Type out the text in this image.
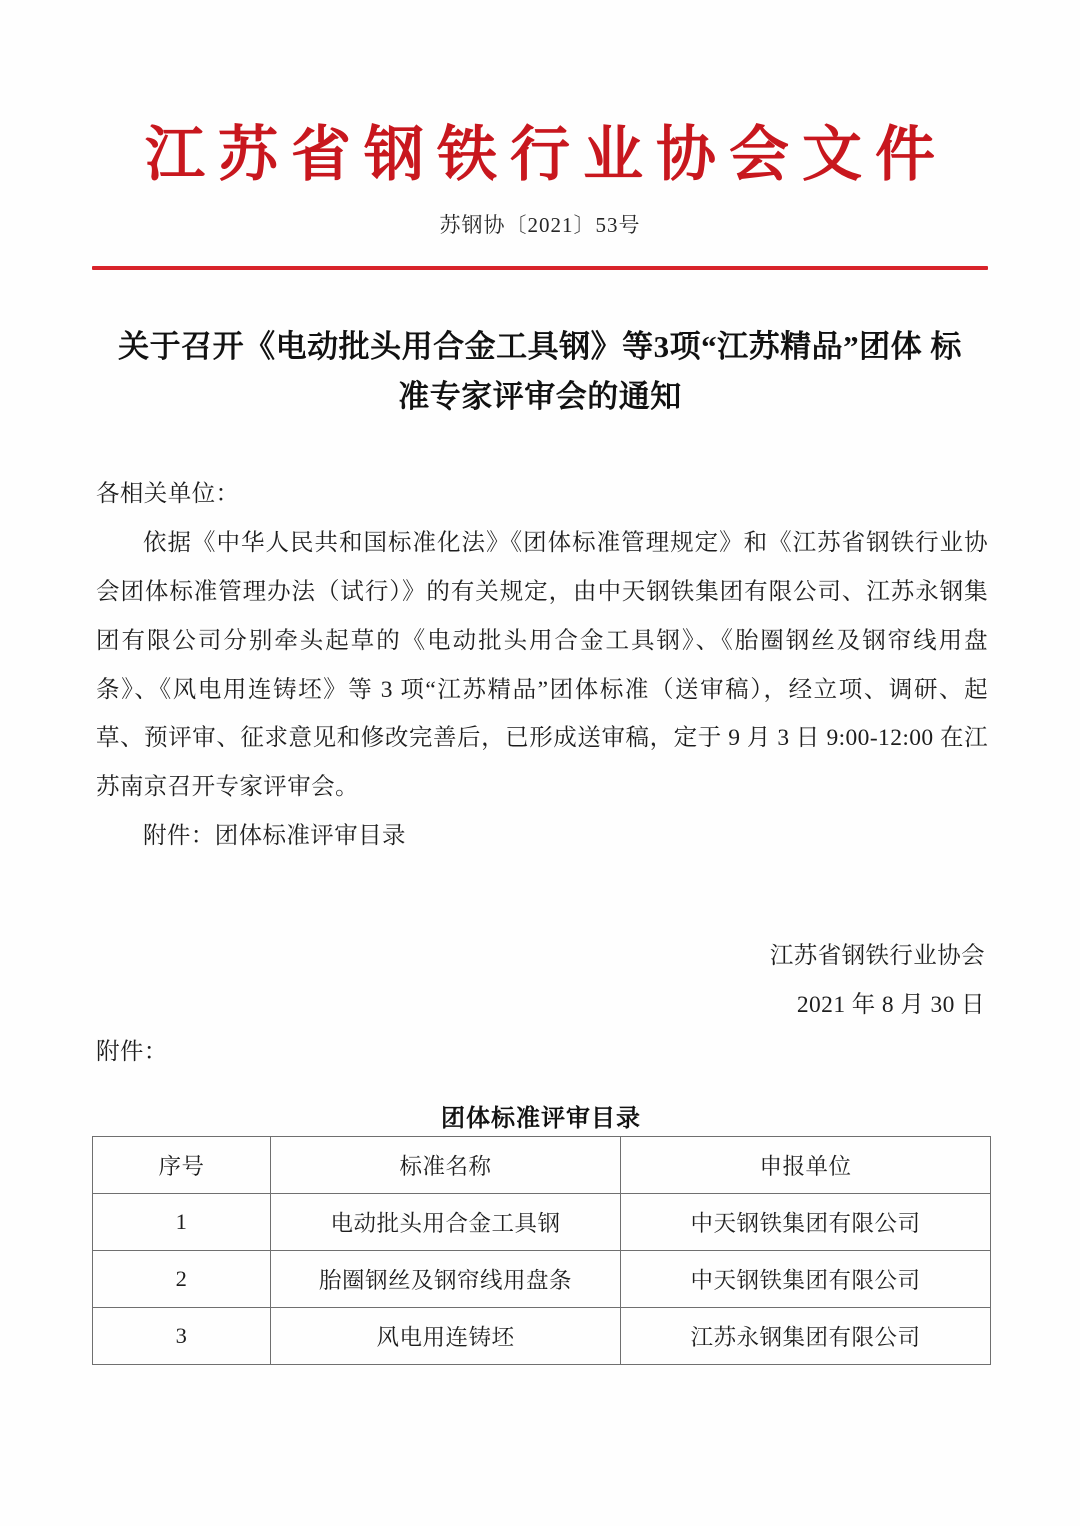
江苏省钢铁行业协会文件
苏钢协〔2021〕53号
关于召开《电动批头用合金工具钢》等3项“江苏精品”团体 标准专家评审会的通知

各相关单位：

依据《中华人民共和国标准化法》《团体标准管理规定》和《江苏省钢铁行业协会团体标准管理办法（试行）》的有关规定，由中天钢铁集团有限公司、江苏永钢集团有限公司分别牵头起草的《电动批头用合金工具钢》、《胎圈钢丝及钢帘线用盘条》、《风电用连铸坯》等 3 项“江苏精品”团体标准（送审稿），经立项、调研、起草、预评审、征求意见和修改完善后，已形成送审稿，定于 9 月 3 日 9:00-12:00 在江苏南京召开专家评审会。

附件：团体标准评审目录

江苏省钢铁行业协会
2021 年 8 月 30 日
附件：
团体标准评审目录
序号	标准名称	申报单位
1	电动批头用合金工具钢	中天钢铁集团有限公司
2	胎圈钢丝及钢帘线用盘条	中天钢铁集团有限公司
3	风电用连铸坯	江苏永钢集团有限公司
